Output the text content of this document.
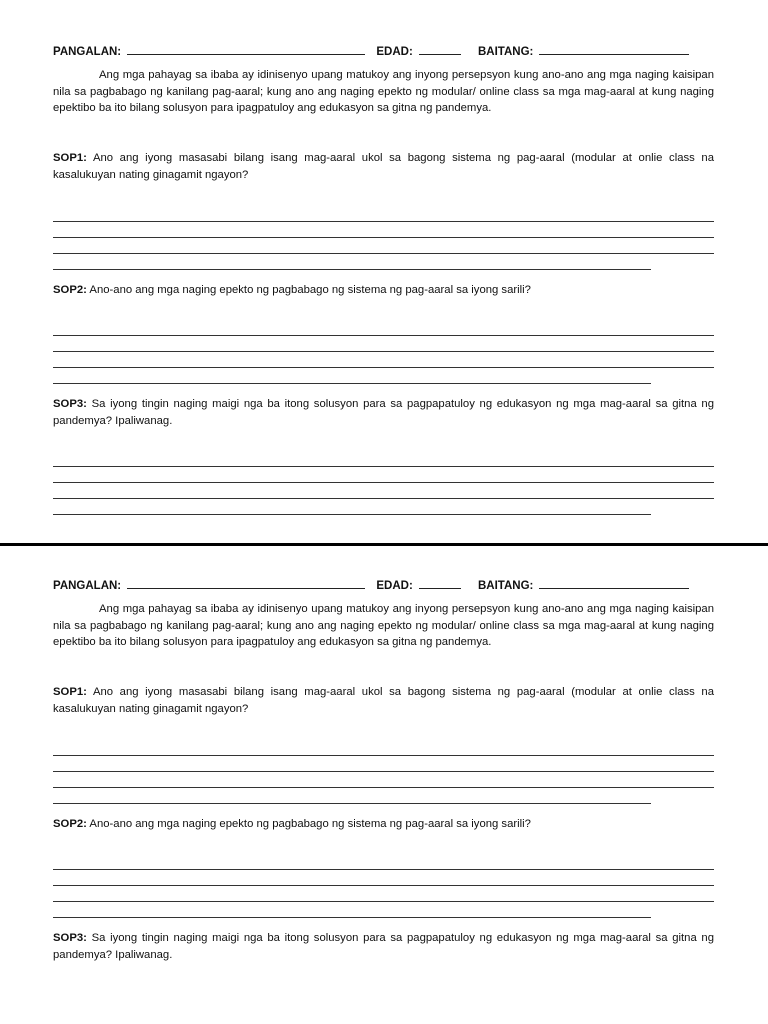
PANGALAN:	EDAD:	BAITANG:

Ang mga pahayag sa ibaba ay idinisenyo upang matukoy ang inyong persepsyon kung ano-ano ang mga naging kaisipan nila sa pagbabago ng kanilang pag-aaral; kung ano ang naging epekto ng modular/ online class sa mga mag-aaral at kung naging epektibo ba ito bilang solusyon para ipagpatuloy ang edukasyon sa gitna ng pandemya.

SOP1: Ano ang iyong masasabi bilang isang mag-aaral ukol sa bagong sistema ng pag-aaral (modular at onlie class na kasalukuyan nating ginagamit ngayon?

SOP2: Ano-ano ang mga naging epekto ng pagbabago ng sistema ng pag-aaral sa iyong sarili?

SOP3: Sa iyong tingin naging maigi nga ba itong solusyon para sa pagpapatuloy ng edukasyon ng mga mag-aaral sa gitna ng pandemya? Ipaliwanag.

PANGALAN:	EDAD:	BAITANG:

Ang mga pahayag sa ibaba ay idinisenyo upang matukoy ang inyong persepsyon kung ano-ano ang mga naging kaisipan nila sa pagbabago ng kanilang pag-aaral; kung ano ang naging epekto ng modular/ online class sa mga mag-aaral at kung naging epektibo ba ito bilang solusyon para ipagpatuloy ang edukasyon sa gitna ng pandemya.

SOP1: Ano ang iyong masasabi bilang isang mag-aaral ukol sa bagong sistema ng pag-aaral (modular at onlie class na kasalukuyan nating ginagamit ngayon?

SOP2: Ano-ano ang mga naging epekto ng pagbabago ng sistema ng pag-aaral sa iyong sarili?

SOP3: Sa iyong tingin naging maigi nga ba itong solusyon para sa pagpapatuloy ng edukasyon ng mga mag-aaral sa gitna ng pandemya? Ipaliwanag.
